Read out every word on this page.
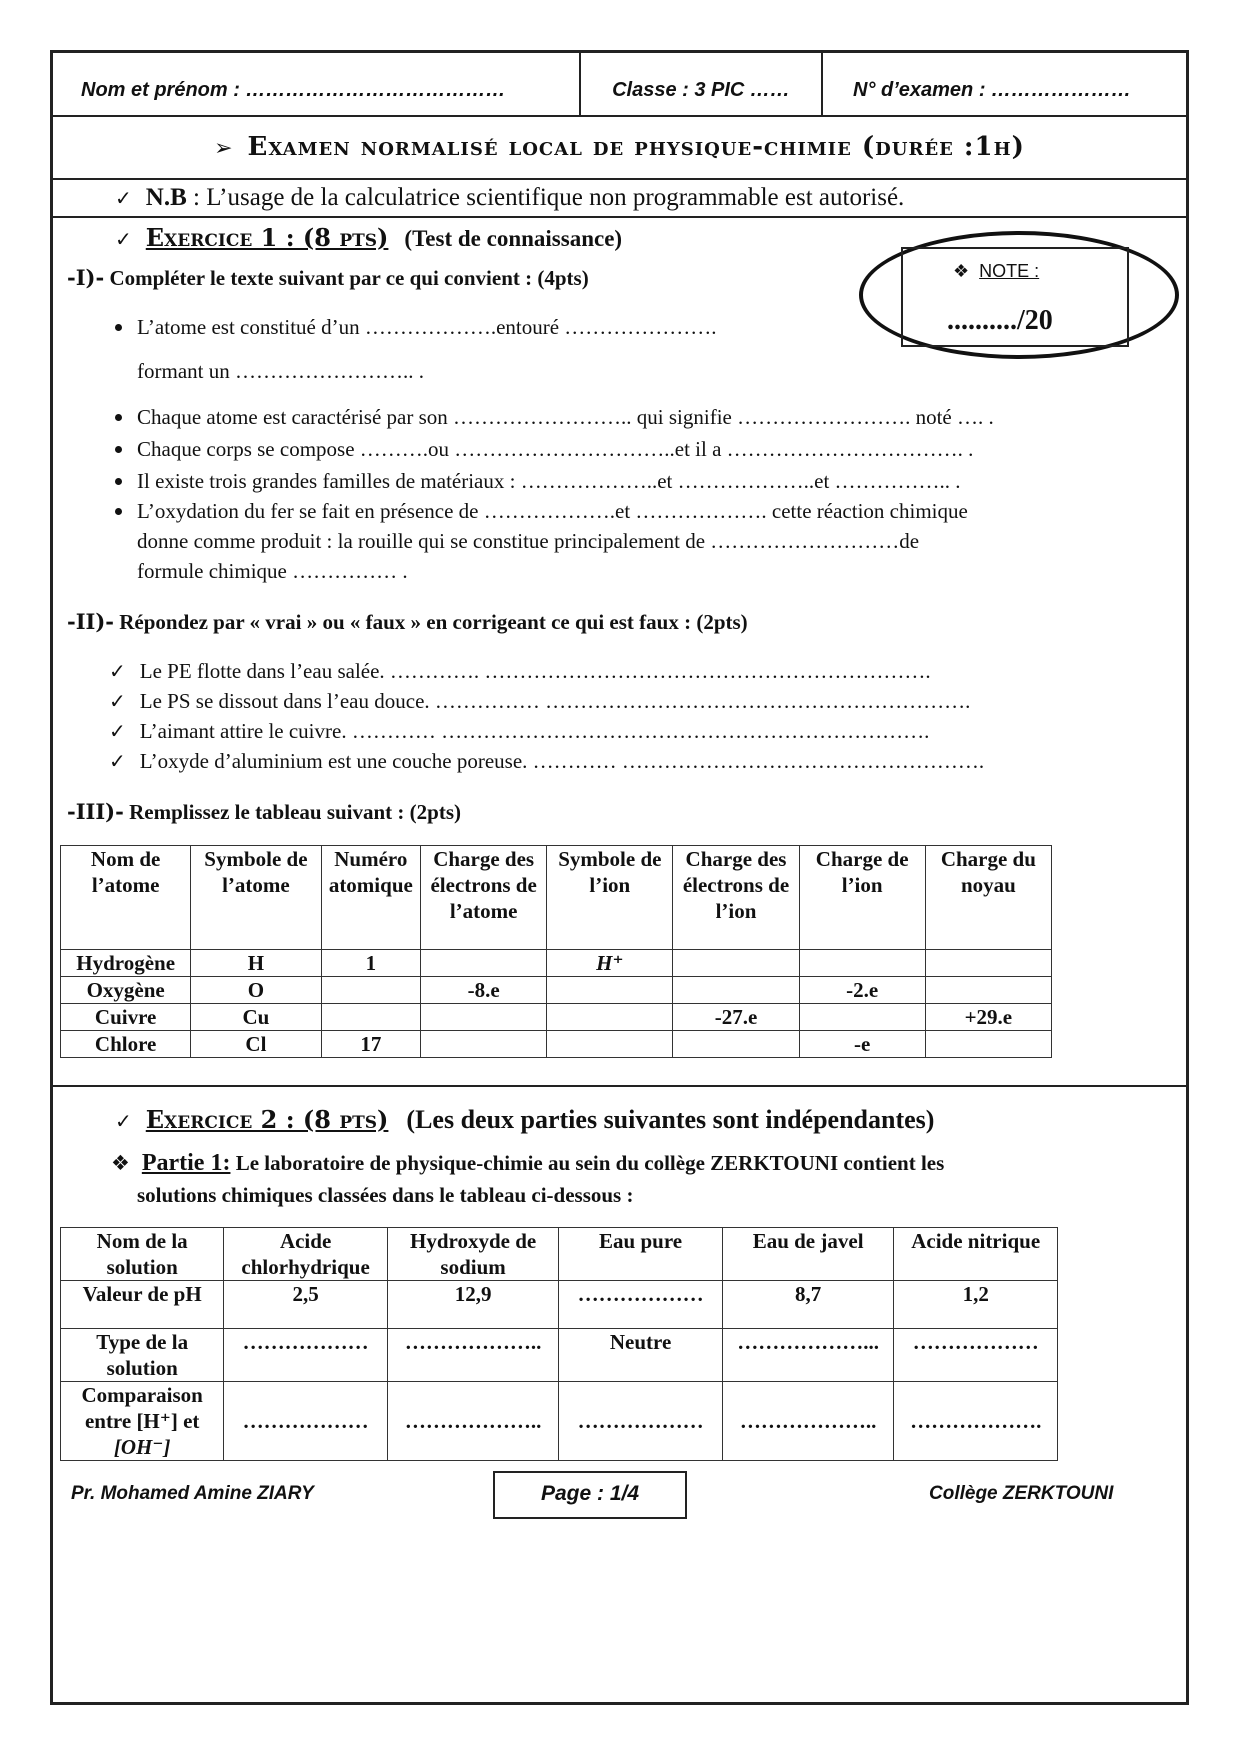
Nom et prénom : …………………………………	Classe : 3 PIC ……	N° d’examen : …………………
➢ Examen normalisé local de physique-chimie (durée :1h)
✓ N.B : L’usage de la calculatrice scientifique non programmable est autorisé.
✓ Exercice 1 : (8 pts) (Test de connaissance)
❖ NOTE :
........../20
-I)- Compléter le texte suivant par ce qui convient : (4pts)
L’atome est constitué d’un ……………….entouré ………………….
formant un …………………….. .
Chaque atome est caractérisé par son …………………….. qui signifie ……………………. noté …. .
Chaque corps se compose ……….ou …………………………..et il a ……………………………. .
Il existe trois grandes familles de matériaux : ………………..et ………………..et …………….. .
L’oxydation du fer se fait en présence de ……………….et ………………. cette réaction chimique
donne comme produit : la rouille qui se constitue principalement de ………………………de
formule chimique …………… .
-II)- Répondez par « vrai » ou « faux » en corrigeant ce qui est faux : (2pts)
✓ Le PE flotte dans l’eau salée. …………. ……………………………………………………….
✓ Le PS se dissout dans l’eau douce. …………… …………………………………………………….
✓ L’aimant attire le cuivre. ………… …………………………………………………………….
✓ L’oxyde d’aluminium est une couche poreuse. ………… …………………………………………….
-III)- Remplissez le tableau suivant : (2pts)
Nom de l’atome	Symbole de l’atome	Numéro atomique	Charge des électrons de l’atome	Symbole de l’ion	Charge des électrons de l’ion	Charge de l’ion	Charge du noyau
Hydrogène	H	1		H⁺			
Oxygène	O		-8.e			-2.e	
Cuivre	Cu				-27.e		+29.e
Chlore	Cl	17				-e	
✓ Exercice 2 : (8 pts) (Les deux parties suivantes sont indépendantes)
❖ Partie 1: Le laboratoire de physique-chimie au sein du collège ZERKTOUNI contient les
solutions chimiques classées dans le tableau ci-dessous :
Nom de la solution	Acide chlorhydrique	Hydroxyde de sodium	Eau pure	Eau de javel	Acide nitrique
Valeur de pH	2,5	12,9	………………	8,7	1,2
Type de la solution	………………	………………..	Neutre	………………...	………………

Comparaison
entre [H⁺] et
[OH⁻]	………………	………………..	………………	………………..	……………….
Pr. Mohamed Amine ZIARY	Page : 1/4	Collège ZERKTOUNI
